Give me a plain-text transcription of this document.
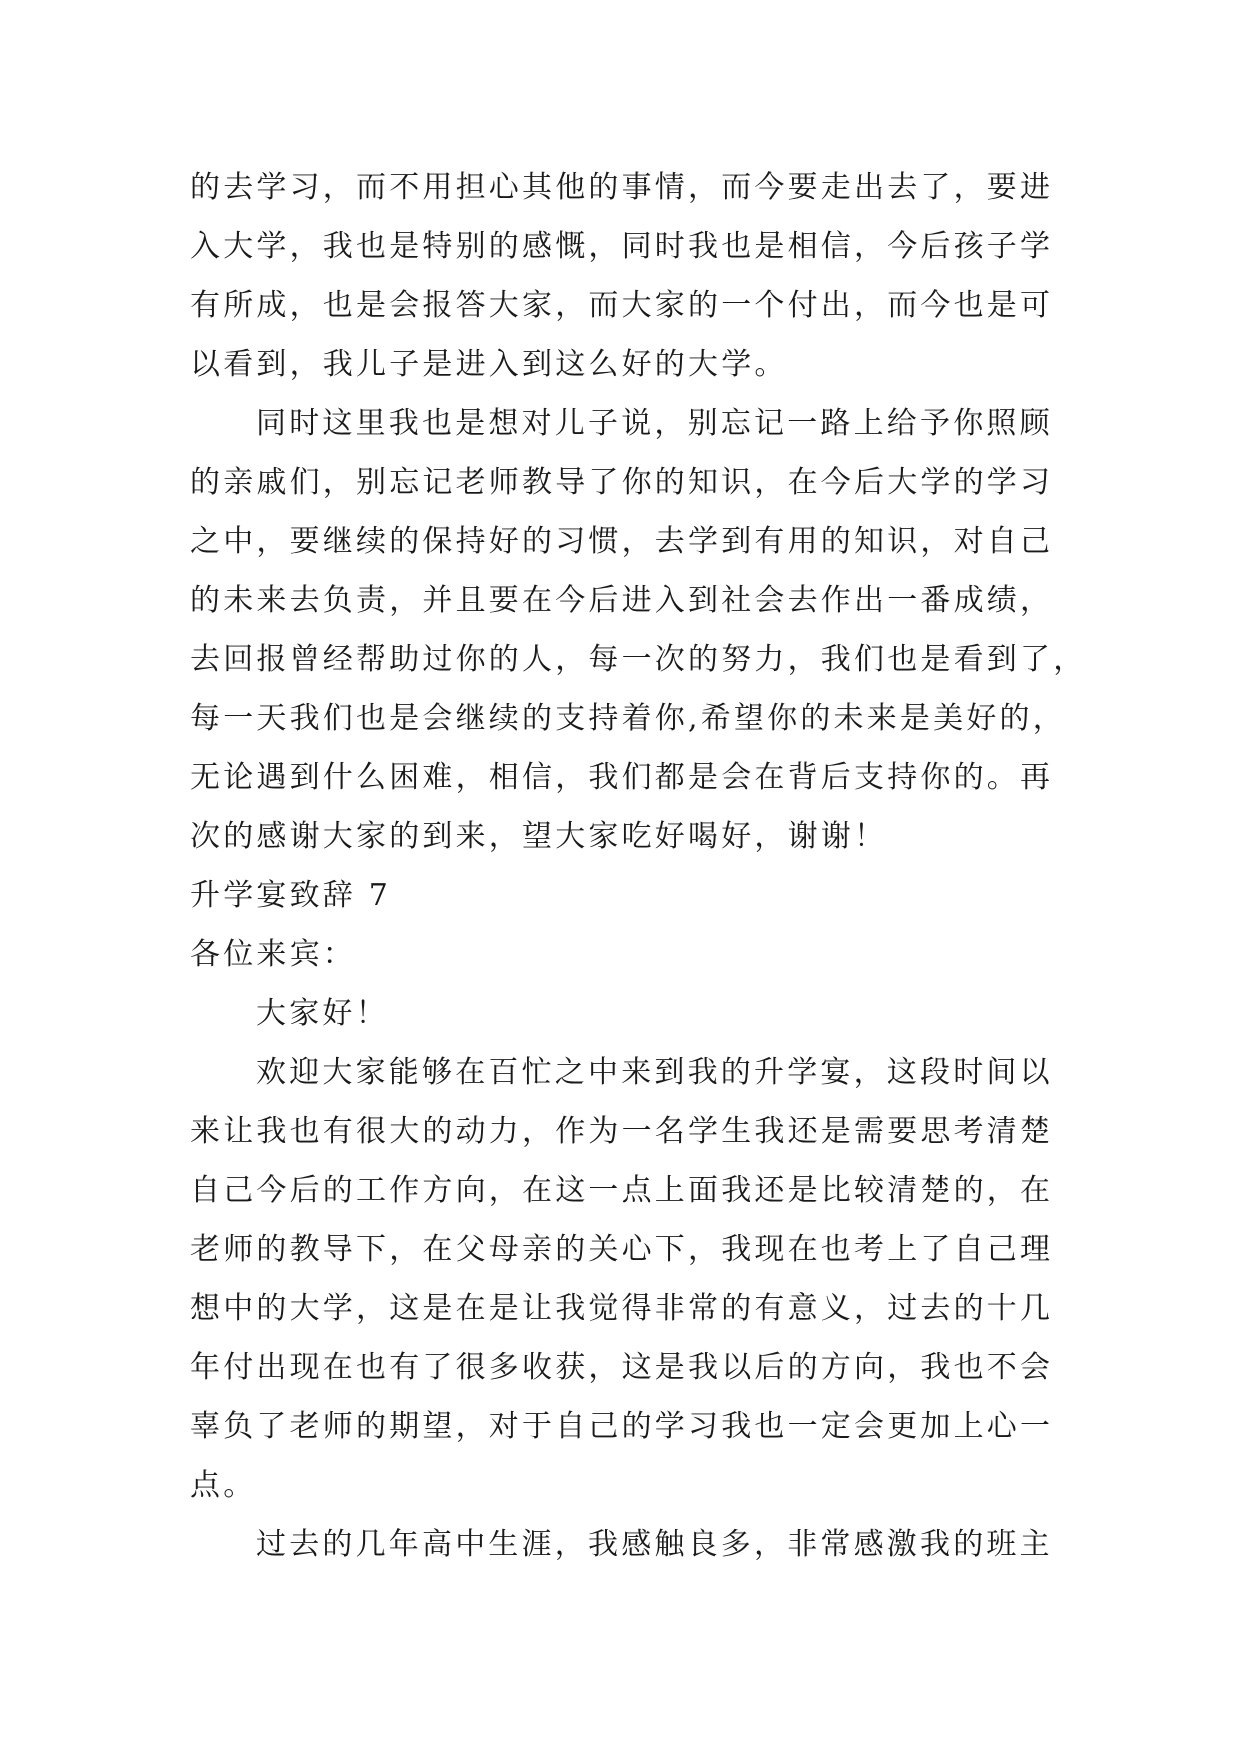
的去学习，而不用担心其他的事情，而今要走出去了，要进
入大学，我也是特别的感慨，同时我也是相信，今后孩子学
有所成，也是会报答大家，而大家的一个付出，而今也是可
以看到，我儿子是进入到这么好的大学。
同时这里我也是想对儿子说，别忘记一路上给予你照顾
的亲戚们，别忘记老师教导了你的知识，在今后大学的学习
之中，要继续的保持好的习惯，去学到有用的知识，对自己
的未来去负责，并且要在今后进入到社会去作出一番成绩，
去回报曾经帮助过你的人，每一次的努力，我们也是看到了，
每一天我们也是会继续的支持着你,希望你的未来是美好的，
无论遇到什么困难，相信，我们都是会在背后支持你的。再
次的感谢大家的到来，望大家吃好喝好，谢谢！
升学宴致辞 7
各位来宾：
大家好！
欢迎大家能够在百忙之中来到我的升学宴，这段时间以
来让我也有很大的动力，作为一名学生我还是需要思考清楚
自己今后的工作方向，在这一点上面我还是比较清楚的，在
老师的教导下，在父母亲的关心下，我现在也考上了自己理
想中的大学，这是在是让我觉得非常的有意义，过去的十几
年付出现在也有了很多收获，这是我以后的方向，我也不会
辜负了老师的期望，对于自己的学习我也一定会更加上心一
点。
过去的几年高中生涯，我感触良多，非常感激我的班主
